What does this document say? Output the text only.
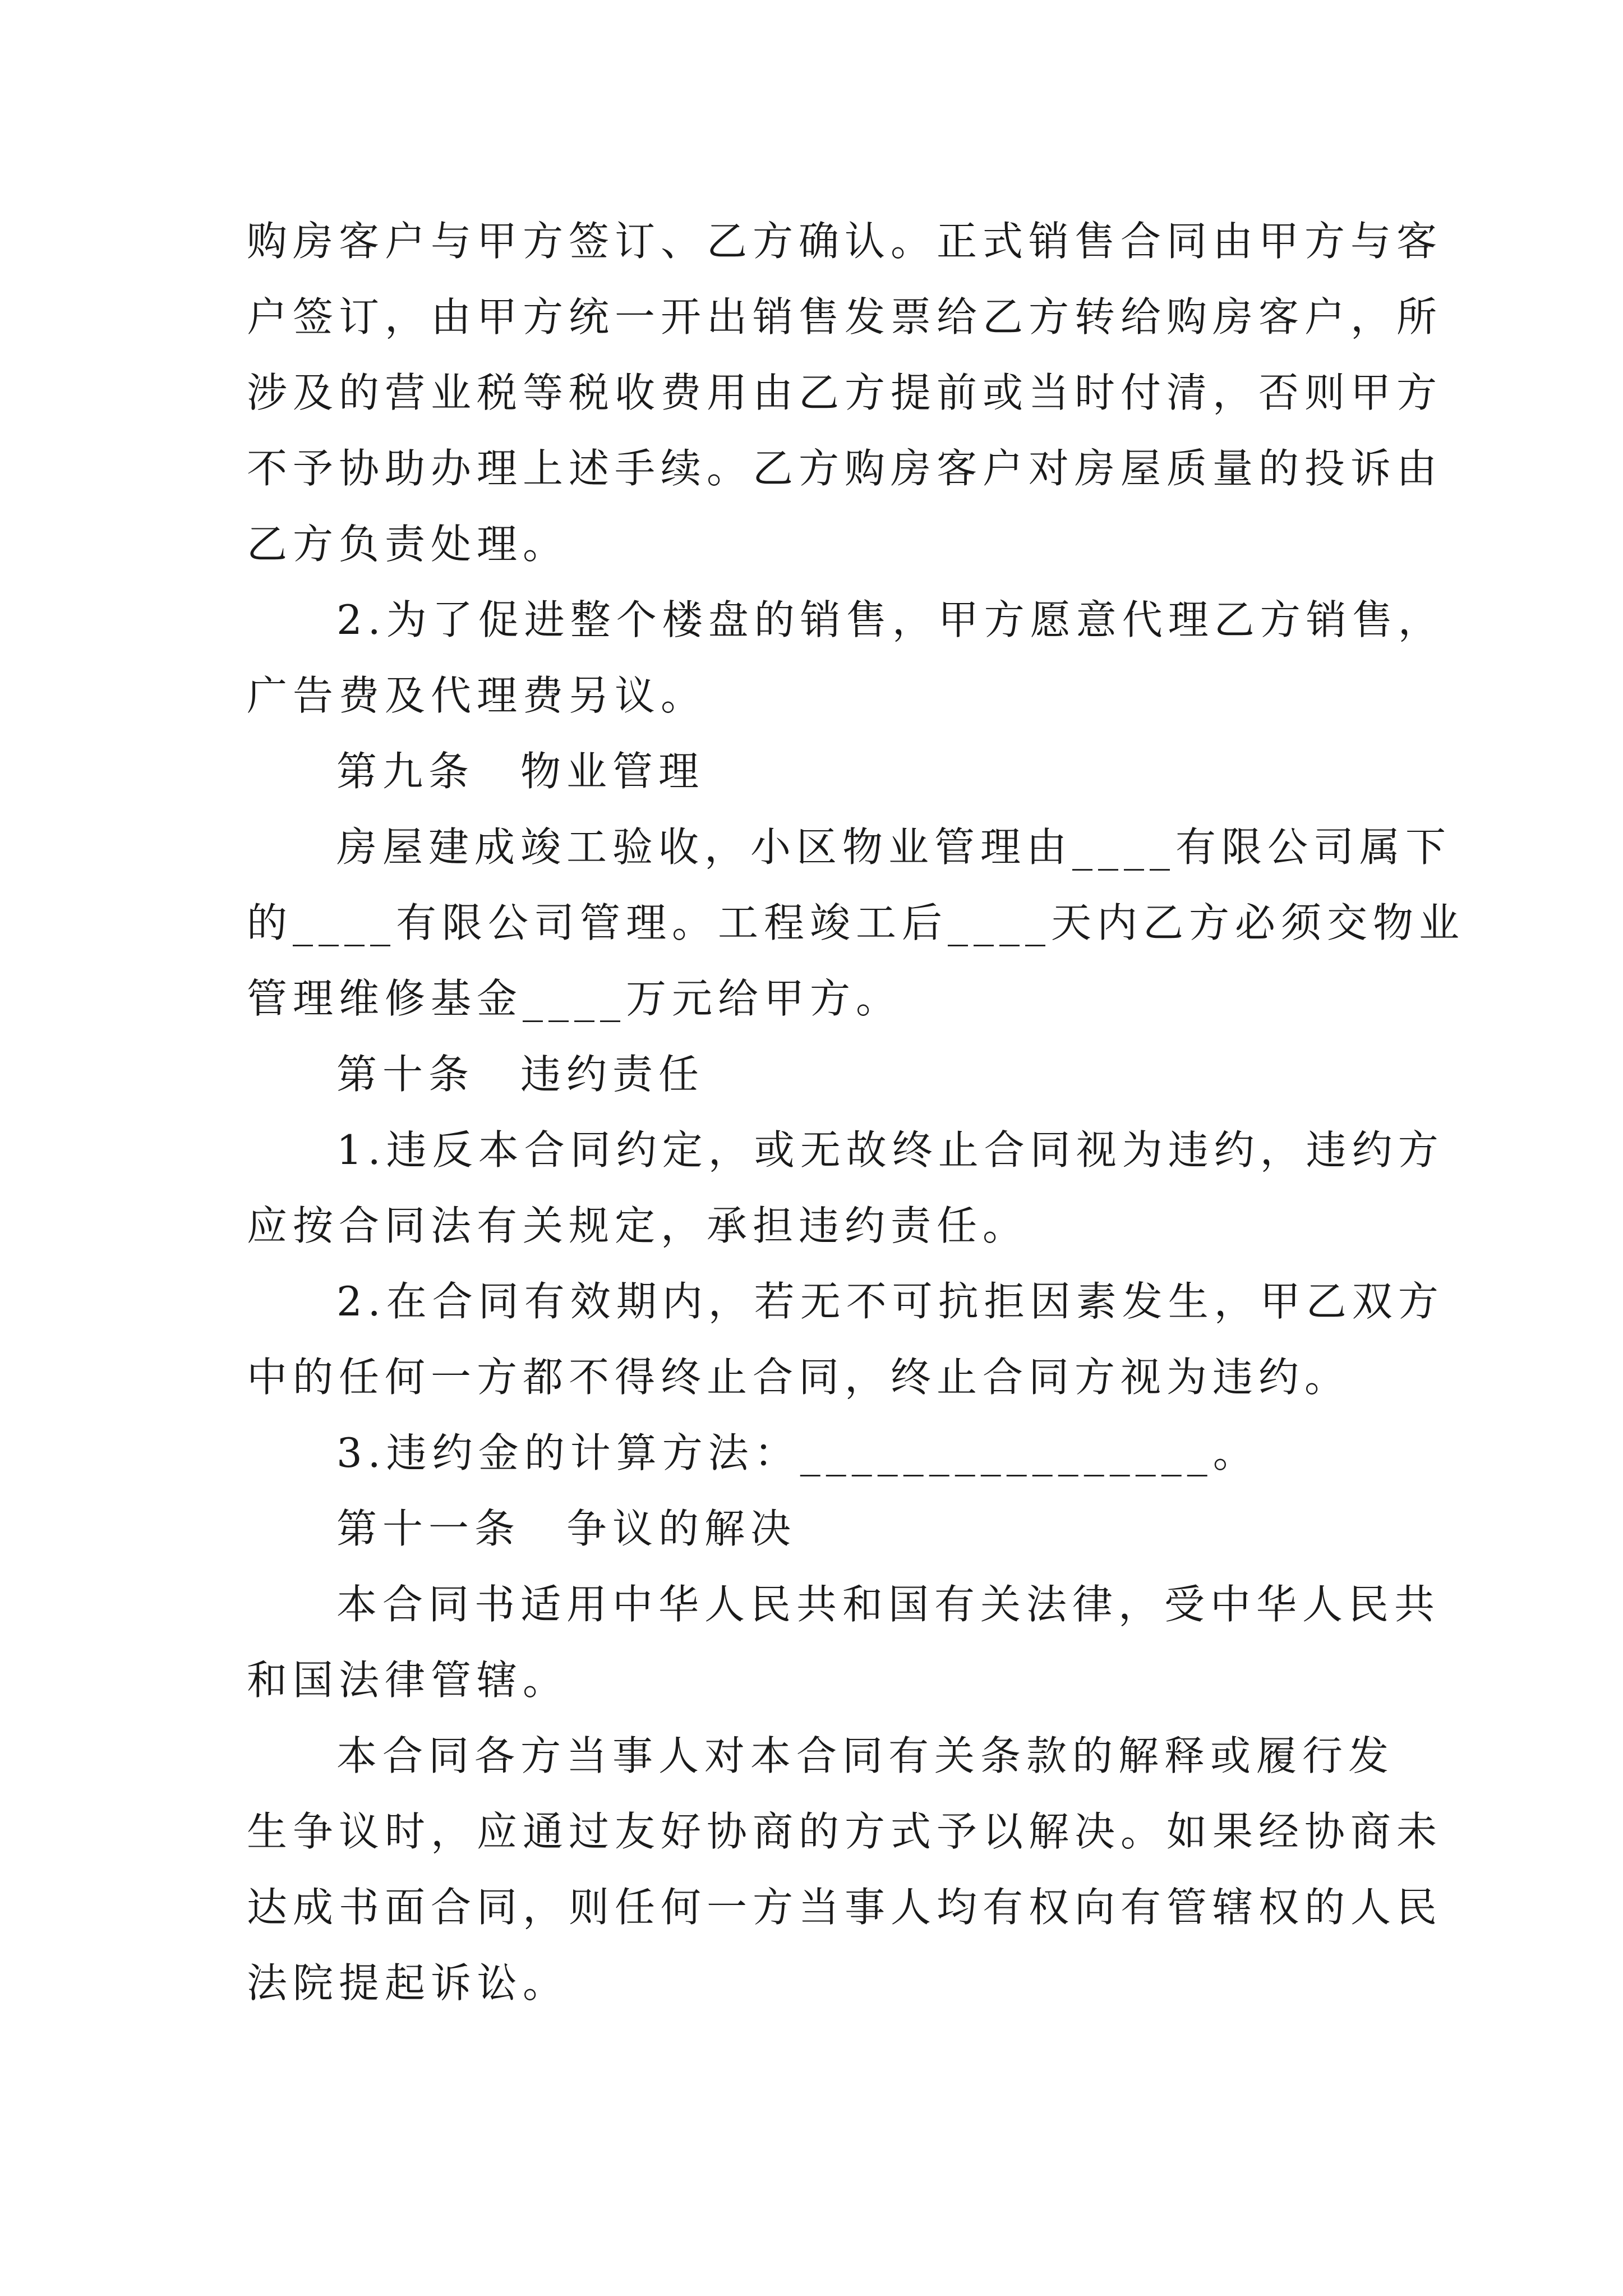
购房客户与甲方签订、乙方确认。正式销售合同由甲方与客
户签订，由甲方统一开出销售发票给乙方转给购房客户，所
涉及的营业税等税收费用由乙方提前或当时付清，否则甲方
不予协助办理上述手续。乙方购房客户对房屋质量的投诉由
乙方负责处理。
2.为了促进整个楼盘的销售，甲方愿意代理乙方销售，
广告费及代理费另议。
第九条　物业管理
房屋建成竣工验收，小区物业管理由____有限公司属下
的____有限公司管理。工程竣工后____天内乙方必须交物业
管理维修基金____万元给甲方。
第十条　违约责任
1.违反本合同约定，或无故终止合同视为违约，违约方
应按合同法有关规定，承担违约责任。
2.在合同有效期内，若无不可抗拒因素发生，甲乙双方
中的任何一方都不得终止合同，终止合同方视为违约。
3.违约金的计算方法：________________。
第十一条　争议的解决
本合同书适用中华人民共和国有关法律，受中华人民共
和国法律管辖。
本合同各方当事人对本合同有关条款的解释或履行发
生争议时，应通过友好协商的方式予以解决。如果经协商未
达成书面合同，则任何一方当事人均有权向有管辖权的人民
法院提起诉讼。
